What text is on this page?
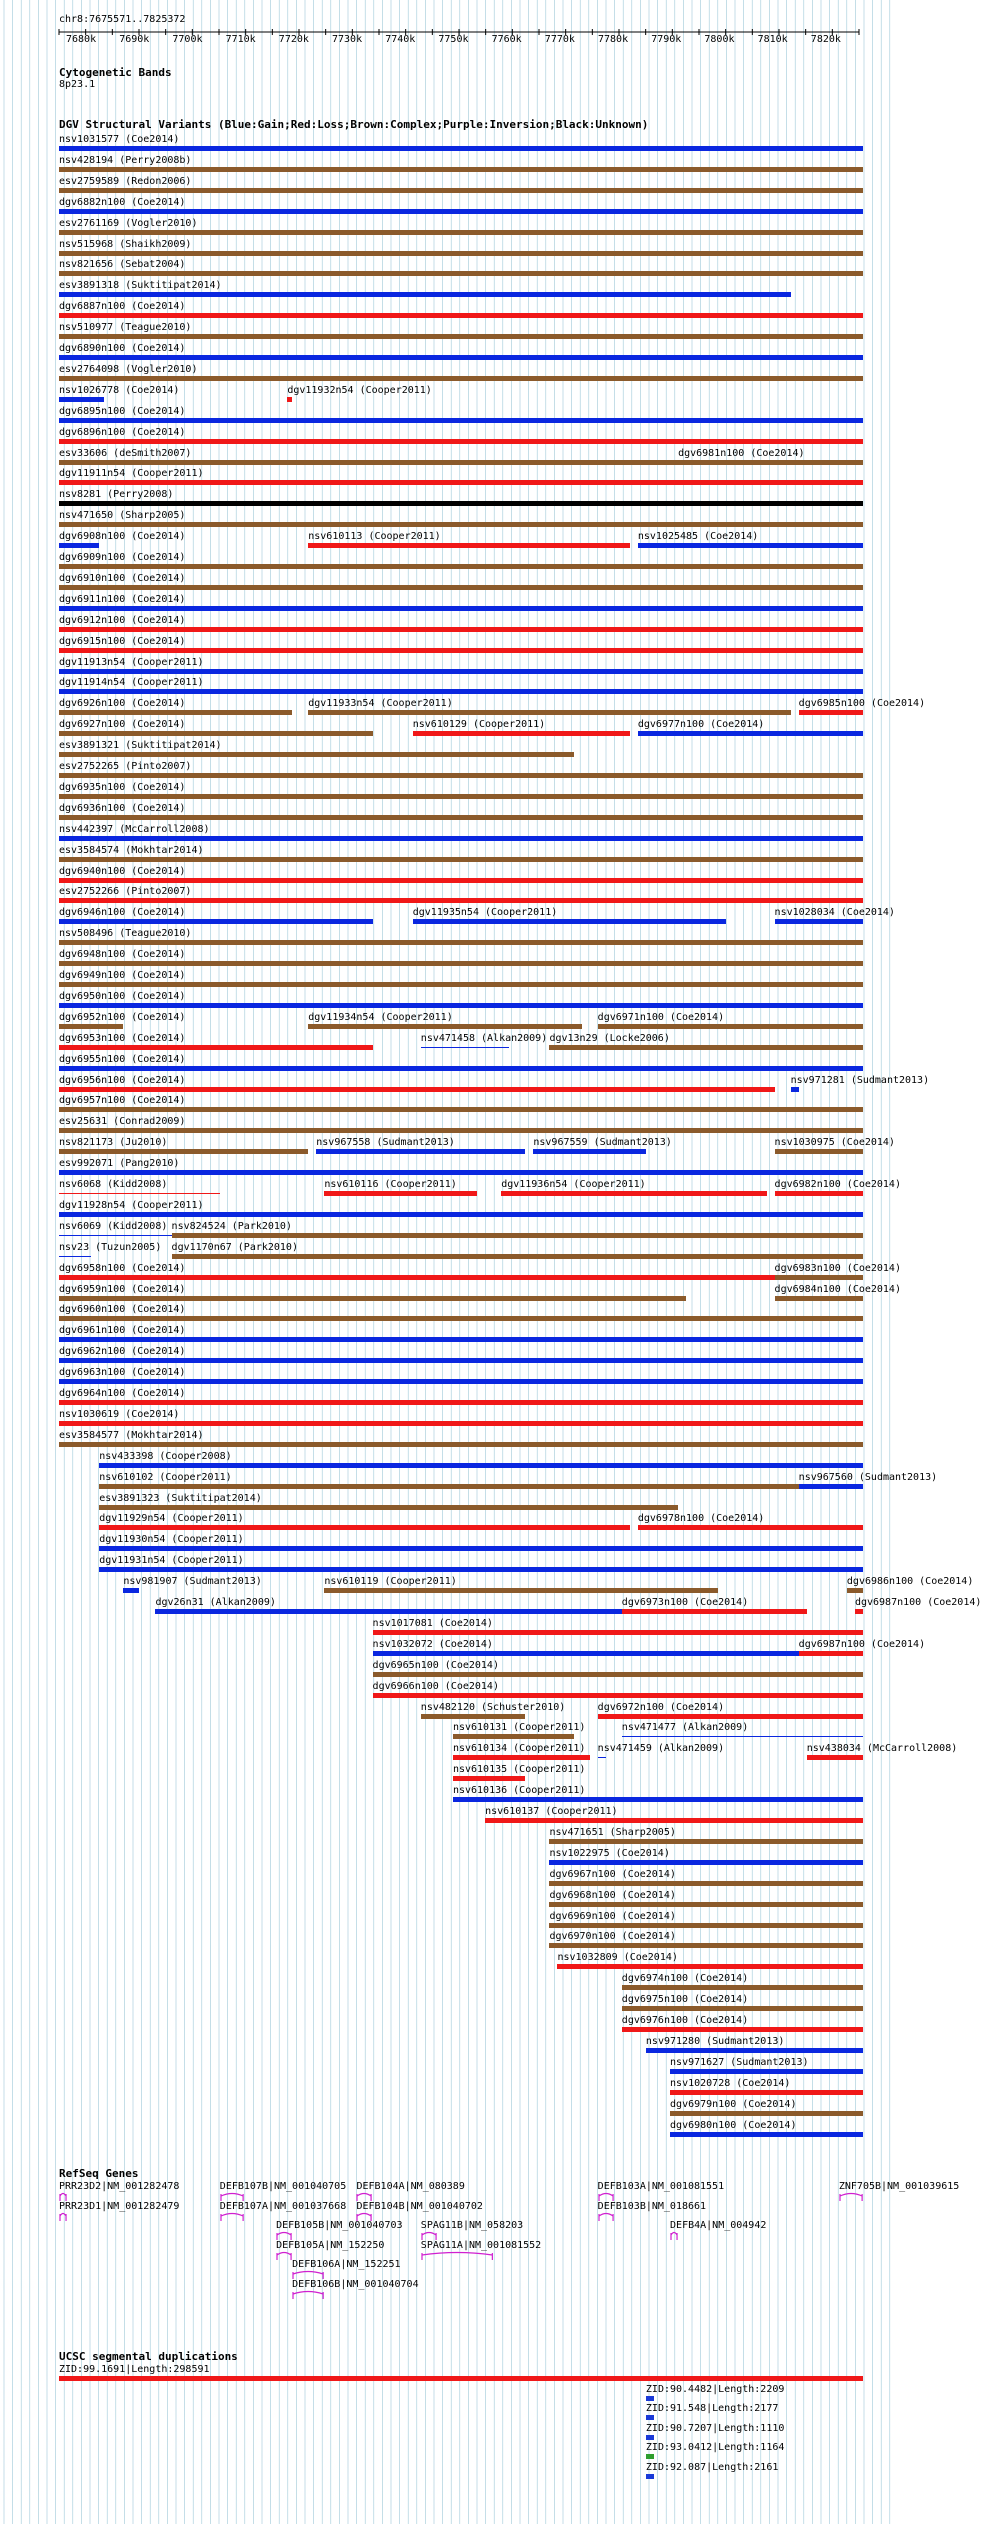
chr8:7675571..7825372
Cytogenetic Bands
8p23.1
DGV Structural Variants (Blue:Gain;Red:Loss;Brown:Complex;Purple:Inversion;Black:Unknown)
nsv1031577 (Coe2014)
nsv428194 (Perry2008b)
esv2759589 (Redon2006)
dgv6882n100 (Coe2014)
esv2761169 (Vogler2010)
nsv515968 (Shaikh2009)
nsv821656 (Sebat2004)
esv3891318 (Suktitipat2014)
dgv6887n100 (Coe2014)
nsv510977 (Teague2010)
dgv6890n100 (Coe2014)
esv2764098 (Vogler2010)
nsv1026778 (Coe2014)	dgv11932n54 (Cooper2011)
dgv6895n100 (Coe2014)
dgv6896n100 (Coe2014)
esv33606 (deSmith2007)	dgv6981n100 (Coe2014)
dgv11911n54 (Cooper2011)
nsv8281 (Perry2008)
nsv471650 (Sharp2005)
dgv6908n100 (Coe2014)	nsv610113 (Cooper2011)	nsv1025485 (Coe2014)
dgv6909n100 (Coe2014)
dgv6910n100 (Coe2014)
dgv6911n100 (Coe2014)
dgv6912n100 (Coe2014)
dgv6915n100 (Coe2014)
dgv11913n54 (Cooper2011)
dgv11914n54 (Cooper2011)
dgv6926n100 (Coe2014)	dgv11933n54 (Cooper2011)	dgv6985n100 (Coe2014)
dgv6927n100 (Coe2014)	nsv610129 (Cooper2011)	dgv6977n100 (Coe2014)
esv3891321 (Suktitipat2014)
esv2752265 (Pinto2007)
dgv6935n100 (Coe2014)
dgv6936n100 (Coe2014)
nsv442397 (McCarroll2008)
esv3584574 (Mokhtar2014)
dgv6940n100 (Coe2014)
esv2752266 (Pinto2007)
dgv6946n100 (Coe2014)	dgv11935n54 (Cooper2011)	nsv1028034 (Coe2014)
nsv508496 (Teague2010)
dgv6948n100 (Coe2014)
dgv6949n100 (Coe2014)
dgv6950n100 (Coe2014)
dgv6952n100 (Coe2014)	dgv11934n54 (Cooper2011)	dgv6971n100 (Coe2014)
dgv6953n100 (Coe2014)	nsv471458 (Alkan2009) dgv13n29 (Locke2006)
dgv6955n100 (Coe2014)
dgv6956n100 (Coe2014)	nsv971281 (Sudmant2013)
dgv6957n100 (Coe2014)
esv25631 (Conrad2009)
nsv821173 (Ju2010)	nsv967558 (Sudmant2013)	nsv967559 (Sudmant2013)	nsv1030975 (Coe2014)
esv992071 (Pang2010)
nsv6068 (Kidd2008)	nsv610116 (Cooper2011)	dgv11936n54 (Cooper2011)	dgv6982n100 (Coe2014)
dgv11928n54 (Cooper2011)
nsv6069 (Kidd2008) nsv824524 (Park2010)
nsv23 (Tuzun2005) dgv1170n67 (Park2010)
dgv6958n100 (Coe2014)	dgv6983n100 (Coe2014)
dgv6959n100 (Coe2014)	dgv6984n100 (Coe2014)
dgv6960n100 (Coe2014)
dgv6961n100 (Coe2014)
dgv6962n100 (Coe2014)
dgv6963n100 (Coe2014)
dgv6964n100 (Coe2014)
nsv1030619 (Coe2014)
esv3584577 (Mokhtar2014)
nsv433398 (Cooper2008)
nsv610102 (Cooper2011)	nsv967560 (Sudmant2013)
esv3891323 (Suktitipat2014)
dgv11929n54 (Cooper2011)	dgv6978n100 (Coe2014)
dgv11930n54 (Cooper2011)
dgv11931n54 (Cooper2011)
nsv981907 (Sudmant2013)	nsv610119 (Cooper2011)	dgv6986n100 (Coe2014)
dgv26n31 (Alkan2009)	dgv6973n100 (Coe2014)	dgv6987n100 (Coe2014)
nsv1017081 (Coe2014)
nsv1032072 (Coe2014)	dgv6987n100 (Coe2014)
dgv6965n100 (Coe2014)
dgv6966n100 (Coe2014)
nsv482120 (Schuster2010)	dgv6972n100 (Coe2014)
nsv610131 (Cooper2011)	nsv471477 (Alkan2009)
nsv610134 (Cooper2011) nsv471459 (Alkan2009)	nsv438034 (McCarroll2008)
nsv610135 (Cooper2011)
nsv610136 (Cooper2011)
nsv610137 (Cooper2011)
nsv471651 (Sharp2005)
nsv1022975 (Coe2014)
dgv6967n100 (Coe2014)
dgv6968n100 (Coe2014)
dgv6969n100 (Coe2014)
dgv6970n100 (Coe2014)
nsv1032809 (Coe2014)
dgv6974n100 (Coe2014)
dgv6975n100 (Coe2014)
dgv6976n100 (Coe2014)
nsv971280 (Sudmant2013)
nsv971627 (Sudmant2013)
nsv1020728 (Coe2014)
dgv6979n100 (Coe2014)
dgv6980n100 (Coe2014)
RefSeq Genes
PRR23D2|NM_001282478	DEFB107B|NM_001040705 DEFB104A|NM_080389	DEFB103A|NM_001081551	ZNF705B|NM_001039615
PRR23D1|NM_001282479	DEFB107A|NM_001037668 DEFB104B|NM_001040702	DEFB103B|NM_018661
DEFB105B|NM_001040703 SPAG11B|NM_058203	DEFB4A|NM_004942
DEFB105A|NM_152250	SPAG11A|NM_001081552
DEFB106A|NM_152251
DEFB106B|NM_001040704
UCSC segmental duplications
ZID:99.1691|Length:298591
ZID:90.4482|Length:2209
ZID:91.548|Length:2177
ZID:90.7207|Length:1110
ZID:93.0412|Length:1164
ZID:92.087|Length:2161
7680k 7690k 7700k 7710k 7720k 7730k 7740k 7750k 7760k 7770k 7780k 7790k 7800k 7810k 7820k
